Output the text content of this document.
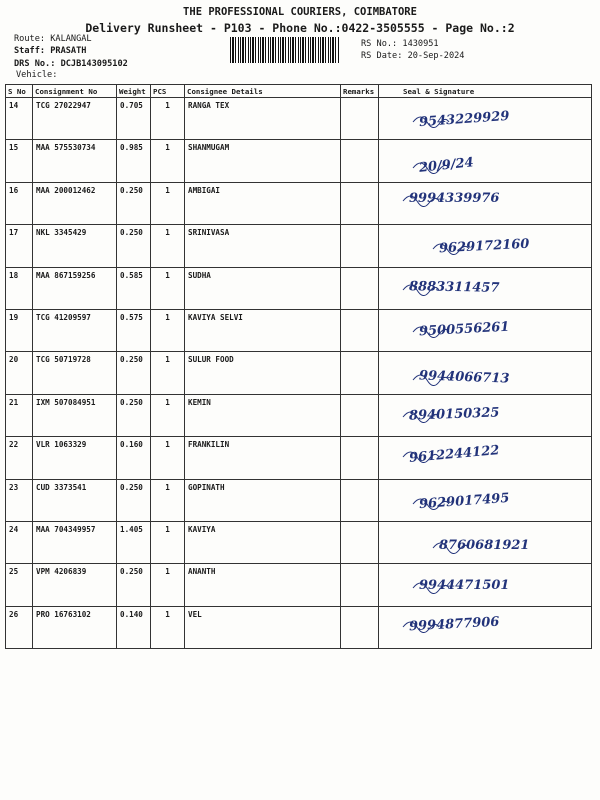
THE PROFESSIONAL COURIERS, COIMBATORE
Delivery Runsheet - P103 - Phone No.:0422-3505555 - Page No.:2
Route: KALANGAL
Staff: PRASATH
DRS No.: DCJB143095102
Vehicle:
RS No.: 1430951
RS Date: 20-Sep-2024
S No	Consignment No	Weight	PCS	Consignee Details	Remarks	Seal & Signature
14	TCG 27022947	0.705	1	RANGA TEX		9543229929

15	MAA 575530734	0.985	1	SHANMUGAM		20/9/24

16	MAA 200012462	0.250	1	AMBIGAI		9994339976

17	NKL 3345429	0.250	1	SRINIVASA		9629172160

18	MAA 867159256	0.585	1	SUDHA		8883311457

19	TCG 41209597	0.575	1	KAVIYA SELVI		9500556261

20	TCG 50719728	0.250	1	SULUR FOOD		9944066713

21	IXM 507084951	0.250	1	KEMIN		8940150325

22	VLR 1063329	0.160	1	FRANKILIN		9612244122

23	CUD 3373541	0.250	1	GOPINATH		9629017495

24	MAA 704349957	1.405	1	KAVIYA		8760681921

25	VPM 4206839	0.250	1	ANANTH		9944471501

26	PRO 16763102	0.140	1	VEL		9994877906
